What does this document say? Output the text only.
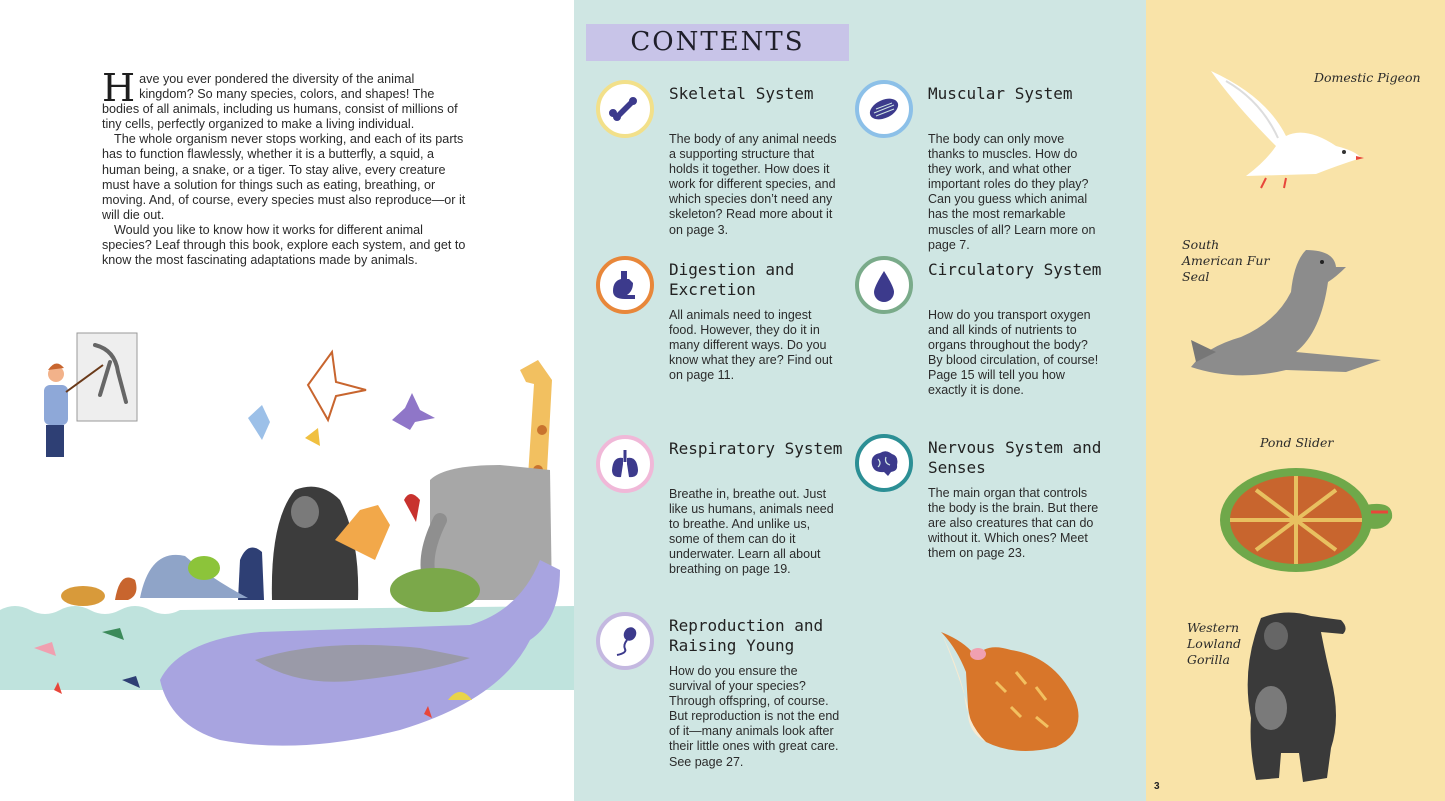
Have you ever pondered the diversity of the animal kingdom? So many species, colors, and shapes! The bodies of all animals, including us humans, consist of millions of tiny cells, perfectly organized to make a living individual.

The whole organism never stops working, and each of its parts has to function flawlessly, whether it is a butterfly, a squid, a human being, a snake, or a tiger. To stay alive, every creature must have a solution for things such as eating, breathing, or moving. And, of course, every species must also reproduce—or it will die out.

Would you like to know how it works for different animal species? Leaf through this book, explore each system, and get to know the most fascinating adaptations made by animals.

CONTENTS
Skeletal System
The body of any animal needs a supporting structure that holds it together. How does it work for different species, and which species don’t need any skeleton? Read more about it on page 3.
Muscular System
The body can only move thanks to muscles. How do they work, and what other important roles do they play? Can you guess which animal has the most remarkable muscles of all? Learn more on page 7.
Digestion and Excretion
All animals need to ingest food. However, they do it in many different ways. Do you know what they are? Find out on page 11.
Circulatory System
How do you transport oxygen and all kinds of nutrients to organs throughout the body? By blood circulation, of course! Page 15 will tell you how exactly it is done.
Respiratory System
Breathe in, breathe out. Just like us humans, animals need to breathe. And unlike us, some of them can do it underwater. Learn all about breathing on page 19.
Nervous System and Senses
The main organ that controls the body is the brain. But there are also creatures that can do without it. Which ones? Meet them on page 23.
Reproduction and Raising Young
How do you ensure the survival of your species? Through offspring, of course. But reproduction is not the end of it—many animals look after their little ones with great care. See page 27.
Domestic Pigeon
South American Fur Seal
Pond Slider
Western Lowland Gorilla
3
